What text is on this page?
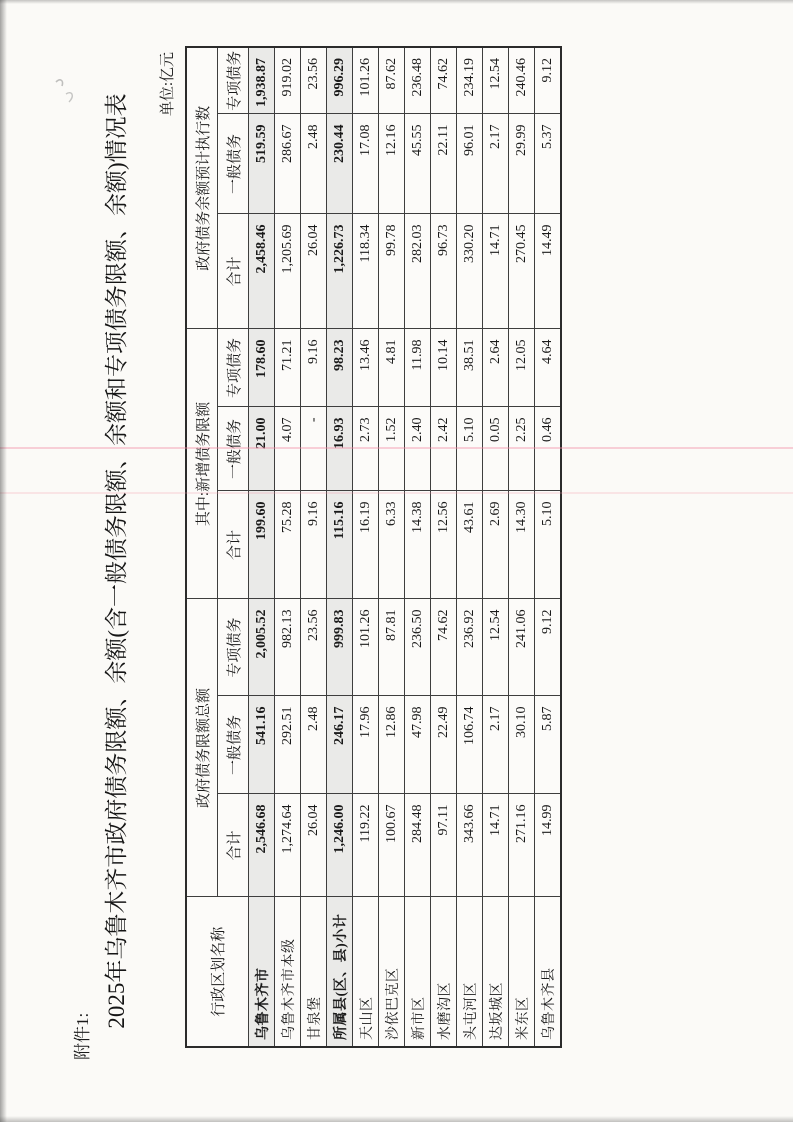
附件1:
2025年乌鲁木齐市政府债务限额、余额(含一般债务限额、余额和专项债务限额、余额)情况表
单位:亿元
行政区划名称	政府债务限额总额			其中:新增债务限额			政府债务余额预计执行数		
	合计	一般债务	专项债务	合计	一般债务	专项债务	合计	一般债务	专项债务
乌鲁木齐市	2,546.68	541.16	2,005.52	199.60	21.00	178.60	2,458.46	519.59	1,938.87
乌鲁木齐市本级	1,274.64	292.51	982.13	75.28	4.07	71.21	1,205.69	286.67	919.02
甘泉堡	26.04	2.48	23.56	9.16	-	9.16	26.04	2.48	23.56
所属县(区、县)小计	1,246.00	246.17	999.83	115.16	16.93	98.23	1,226.73	230.44	996.29
天山区	119.22	17.96	101.26	16.19	2.73	13.46	118.34	17.08	101.26
沙依巴克区	100.67	12.86	87.81	6.33	1.52	4.81	99.78	12.16	87.62
新市区	284.48	47.98	236.50	14.38	2.40	11.98	282.03	45.55	236.48
水磨沟区	97.11	22.49	74.62	12.56	2.42	10.14	96.73	22.11	74.62
头屯河区	343.66	106.74	236.92	43.61	5.10	38.51	330.20	96.01	234.19
达坂城区	14.71	2.17	12.54	2.69	0.05	2.64	14.71	2.17	12.54
米东区	271.16	30.10	241.06	14.30	2.25	12.05	270.45	29.99	240.46
乌鲁木齐县	14.99	5.87	9.12	5.10	0.46	4.64	14.49	5.37	9.12
